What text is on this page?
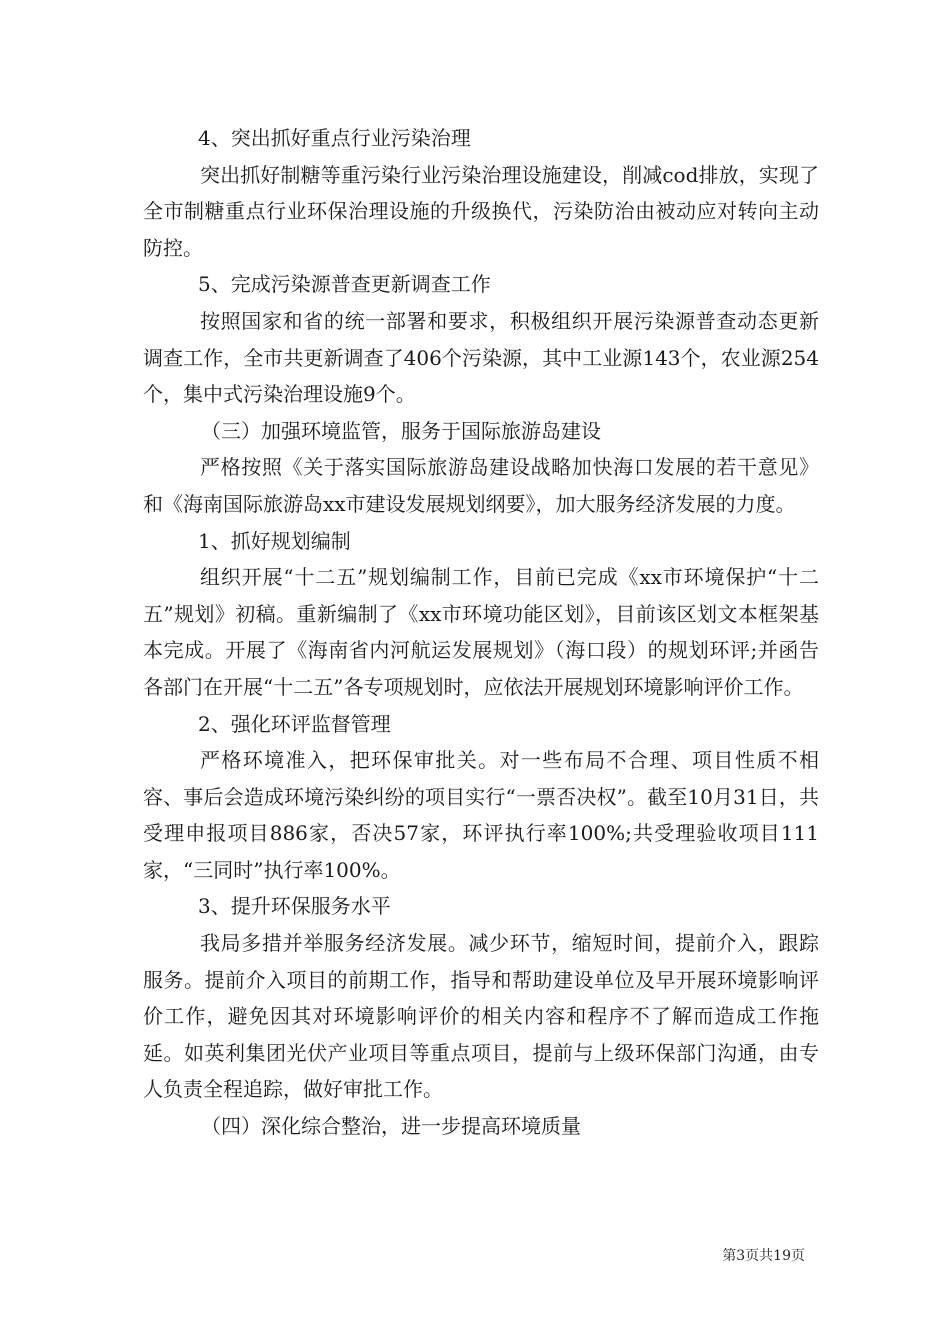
4、突出抓好重点行业污染治理

突出抓好制糖等重污染行业污染治理设施建设，削减cod排放，实现了全市制糖重点行业环保治理设施的升级换代，污染防治由被动应对转向主动防控。

5、完成污染源普查更新调查工作

按照国家和省的统一部署和要求，积极组织开展污染源普查动态更新调查工作，全市共更新调查了406个污染源，其中工业源143个，农业源254个，集中式污染治理设施9个。

（三）加强环境监管，服务于国际旅游岛建设

严格按照《关于落实国际旅游岛建设战略加快海口发展的若干意见》和《海南国际旅游岛xx市建设发展规划纲要》，加大服务经济发展的力度。

1、抓好规划编制

组织开展“十二五”规划编制工作，目前已完成《xx市环境保护“十二五”规划》初稿。重新编制了《xx市环境功能区划》，目前该区划文本框架基本完成。开展了《海南省内河航运发展规划》（海口段）的规划环评;并函告各部门在开展“十二五”各专项规划时，应依法开展规划环境影响评价工作。

2、强化环评监督管理

严格环境准入，把环保审批关。对一些布局不合理、项目性质不相容、事后会造成环境污染纠纷的项目实行“一票否决权”。截至10月31日，共受理申报项目886家，否决57家，环评执行率100%;共受理验收项目111家，“三同时”执行率100%。

3、提升环保服务水平

我局多措并举服务经济发展。减少环节，缩短时间，提前介入，跟踪服务。提前介入项目的前期工作，指导和帮助建设单位及早开展环境影响评价工作，避免因其对环境影响评价的相关内容和程序不了解而造成工作拖延。如英利集团光伏产业项目等重点项目，提前与上级环保部门沟通，由专人负责全程追踪，做好审批工作。

（四）深化综合整治，进一步提高环境质量

第3页共19页
